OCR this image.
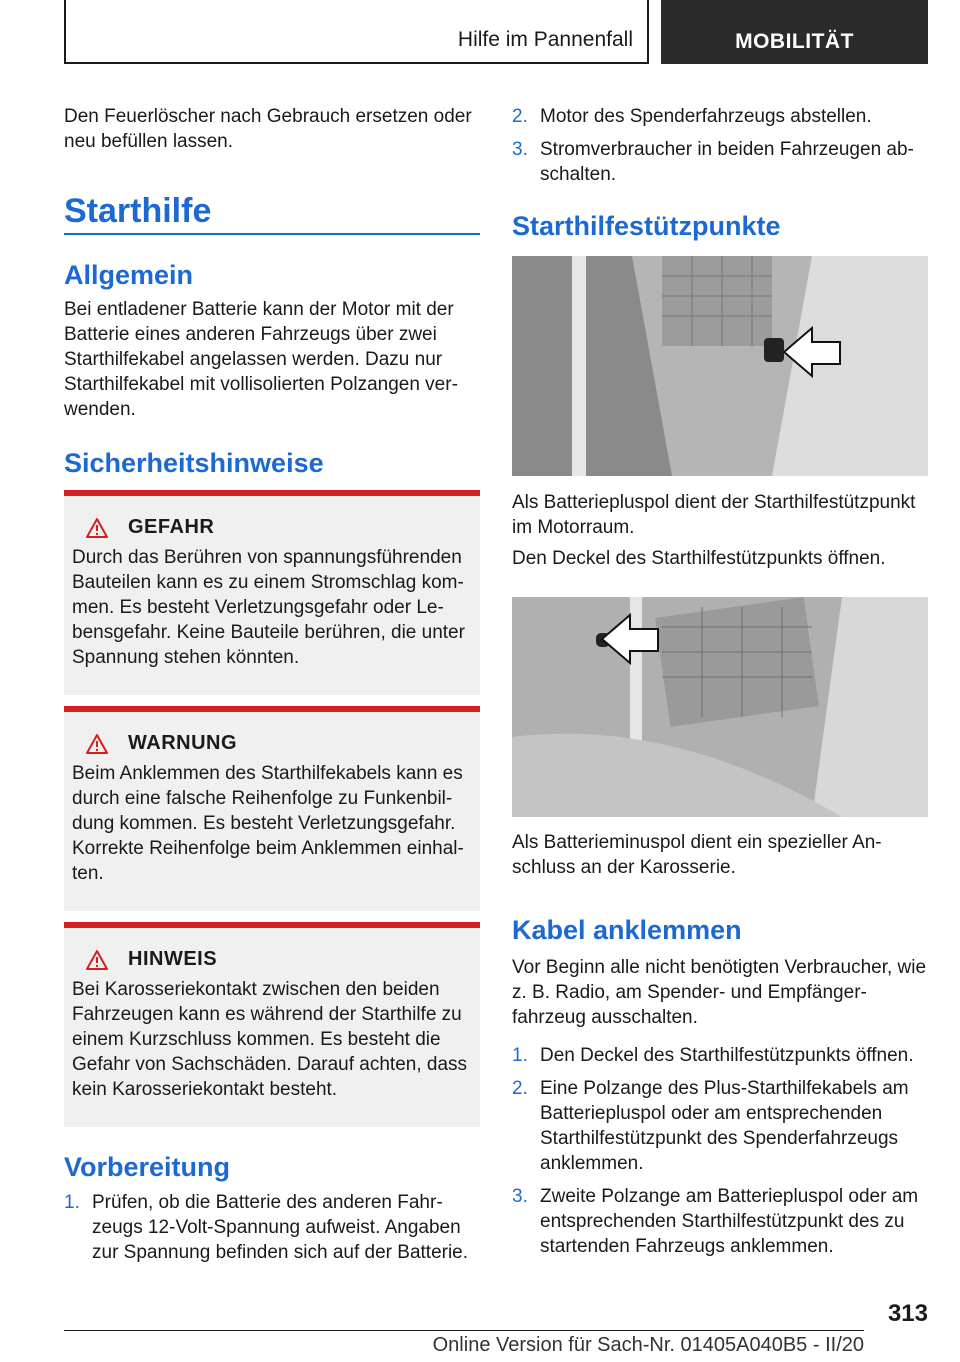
Hilfe im Pannenfall	MOBILITÄT

Den Feuerlöscher nach Gebrauch ersetzen oder neu befüllen lassen.

Starthilfe
Allgemein

Bei entladener Batterie kann der Motor mit der Batterie eines anderen Fahrzeugs über zwei Starthilfekabel angelassen werden. Dazu nur Starthilfekabel mit vollisolierten Polzangen ver‐wenden.

Sicherheitshinweise
GEFAHR

Durch das Berühren von spannungsführenden Bauteilen kann es zu einem Stromschlag kom‐men. Es besteht Verletzungsgefahr oder Le‐bensgefahr. Keine Bauteile berühren, die unter Spannung stehen könnten.

WARNUNG

Beim Anklemmen des Starthilfekabels kann es durch eine falsche Reihenfolge zu Funkenbil‐dung kommen. Es besteht Verletzungsgefahr. Korrekte Reihenfolge beim Anklemmen einhal‐ten.

HINWEIS

Bei Karosseriekontakt zwischen den beiden Fahrzeugen kann es während der Starthilfe zu einem Kurzschluss kommen. Es besteht die Gefahr von Sachschäden. Darauf achten, dass kein Karosseriekontakt besteht.

Vorbereitung
1. Prüfen, ob die Batterie des anderen Fahr‐zeugs 12-Volt-Spannung aufweist. Angaben zur Spannung befinden sich auf der Batterie.
2. Motor des Spenderfahrzeugs abstellen.
3. Stromverbraucher in beiden Fahrzeugen ab‐schalten.
Starthilfestützpunkte

Als Batteriepluspol dient der Starthilfestützpunkt im Motorraum.

Den Deckel des Starthilfestützpunkts öffnen.

Als Batterieminuspol dient ein spezieller An‐schluss an der Karosserie.

Kabel anklemmen

Vor Beginn alle nicht benötigten Verbraucher, wie z. B. Radio, am Spender- und Empfänger‐fahrzeug ausschalten.

1. Den Deckel des Starthilfestützpunkts öffnen.
2. Eine Polzange des Plus-Starthilfekabels am Batteriepluspol oder am entsprechenden Starthilfestützpunkt des Spenderfahrzeugs anklemmen.
3. Zweite Polzange am Batteriepluspol oder am entsprechenden Starthilfestützpunkt des zu startenden Fahrzeugs anklemmen.
313
Online Version für Sach-Nr. 01405A040B5 - II/20
